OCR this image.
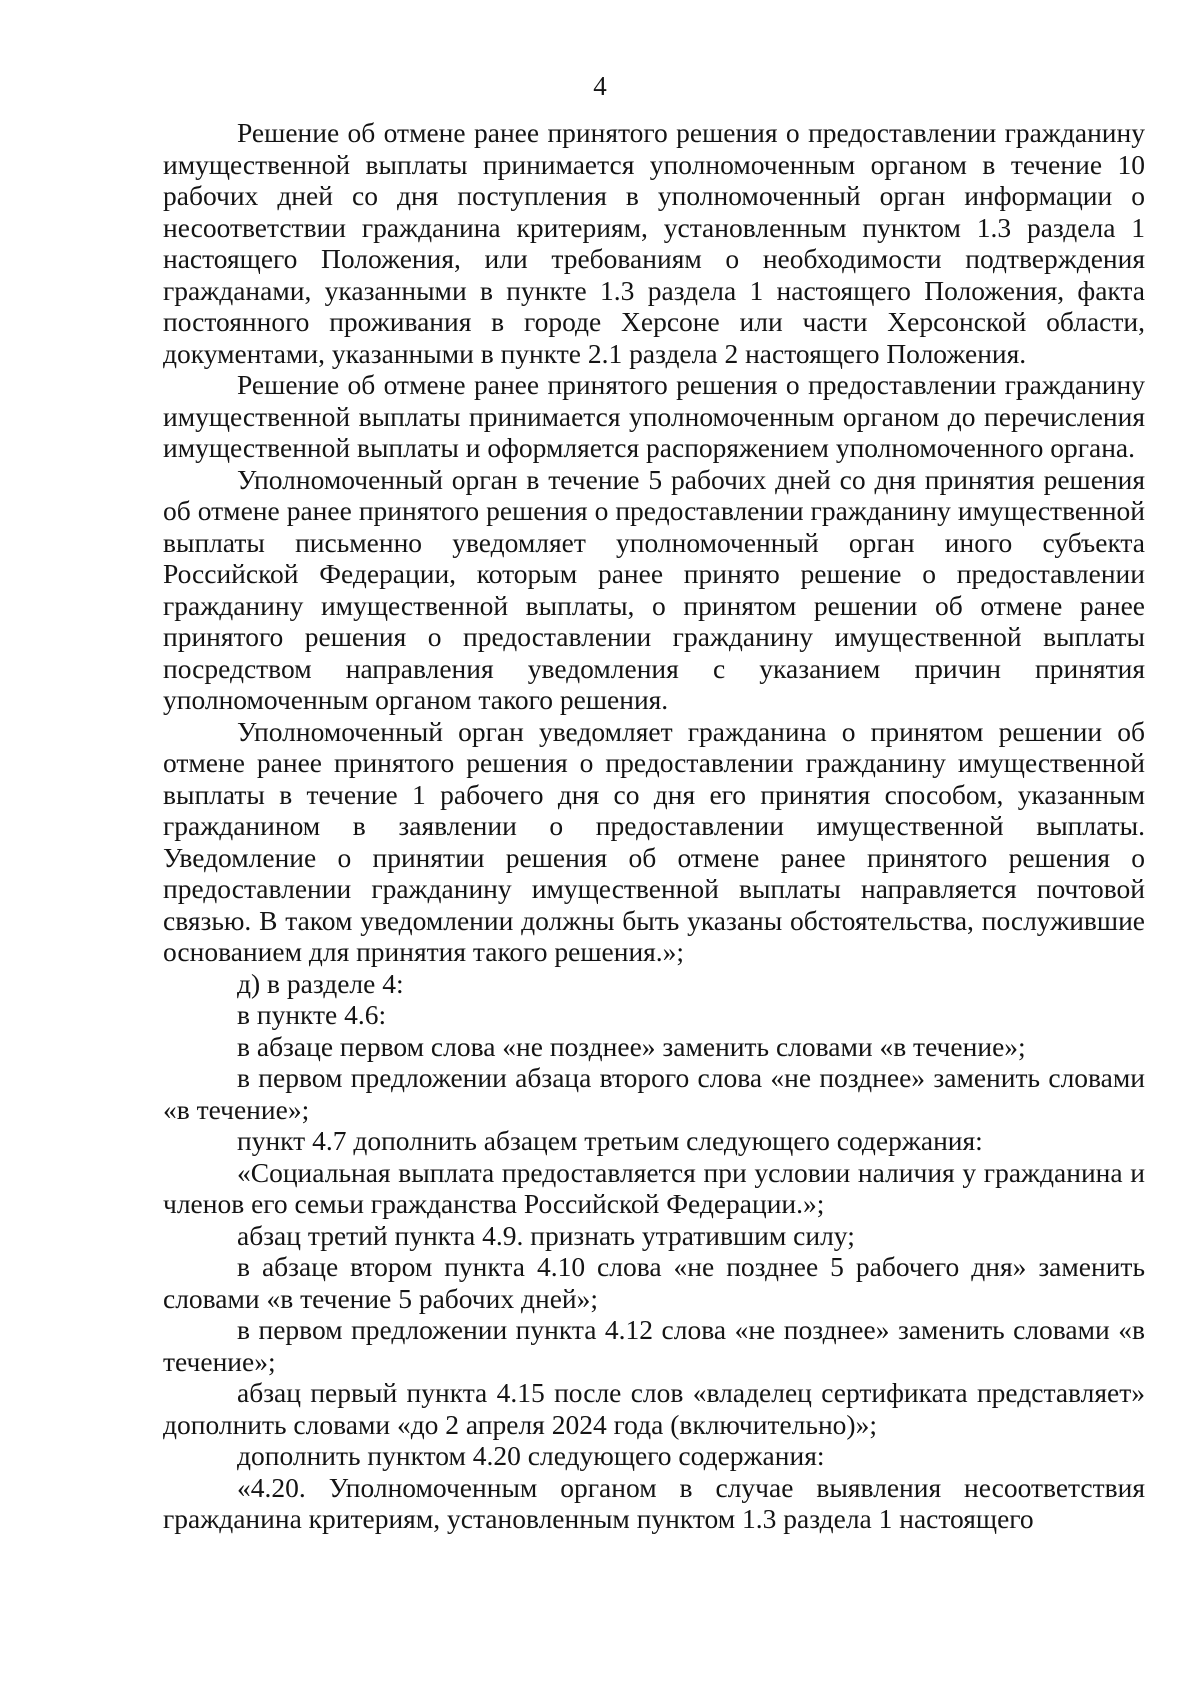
4

Решение об отмене ранее принятого решения о предоставлении гражданину имущественной выплаты принимается уполномоченным органом в течение 10 рабочих дней со дня поступления в уполномоченный орган информации о несоответствии гражданина критериям, установленным пунктом 1.3 раздела 1 настоящего Положения, или требованиям о необходимости подтверждения гражданами, указанными в пункте 1.3 раздела 1 настоящего Положения, факта постоянного проживания в городе Херсоне или части Херсонской области, документами, указанными в пункте 2.1 раздела 2 настоящего Положения.

Решение об отмене ранее принятого решения о предоставлении гражданину имущественной выплаты принимается уполномоченным органом до перечисления имущественной выплаты и оформляется распоряжением уполномоченного органа.

Уполномоченный орган в течение 5 рабочих дней со дня принятия решения об отмене ранее принятого решения о предоставлении гражданину имущественной выплаты письменно уведомляет уполномоченный орган иного субъекта Российской Федерации, которым ранее принято решение о предоставлении гражданину имущественной выплаты, о принятом решении об отмене ранее принятого решения о предоставлении гражданину имущественной выплаты посредством направления уведомления с указанием причин принятия уполномоченным органом такого решения.

Уполномоченный орган уведомляет гражданина о принятом решении об отмене ранее принятого решения о предоставлении гражданину имущественной выплаты в течение 1 рабочего дня со дня его принятия способом, указанным гражданином в заявлении о предоставлении имущественной выплаты. Уведомление о принятии решения об отмене ранее принятого решения о предоставлении гражданину имущественной выплаты направляется почтовой связью. В таком уведомлении должны быть указаны обстоятельства, послужившие основанием для принятия такого решения.»;

д) в разделе 4:

в пункте 4.6:

в абзаце первом слова «не позднее» заменить словами «в течение»;

в первом предложении абзаца второго слова «не позднее» заменить словами «в течение»;

пункт 4.7 дополнить абзацем третьим следующего содержания:

«Социальная выплата предоставляется при условии наличия у гражданина и членов его семьи гражданства Российской Федерации.»;

абзац третий пункта 4.9. признать утратившим силу;

в абзаце втором пункта 4.10 слова «не позднее 5 рабочего дня» заменить словами «в течение 5 рабочих дней»;

в первом предложении пункта 4.12 слова «не позднее» заменить словами «в течение»;

абзац первый пункта 4.15 после слов «владелец сертификата представляет» дополнить словами «до 2 апреля 2024 года (включительно)»;

дополнить пунктом 4.20 следующего содержания:

«4.20. Уполномоченным органом в случае выявления несоответствия гражданина критериям, установленным пунктом 1.3 раздела 1 настоящего
